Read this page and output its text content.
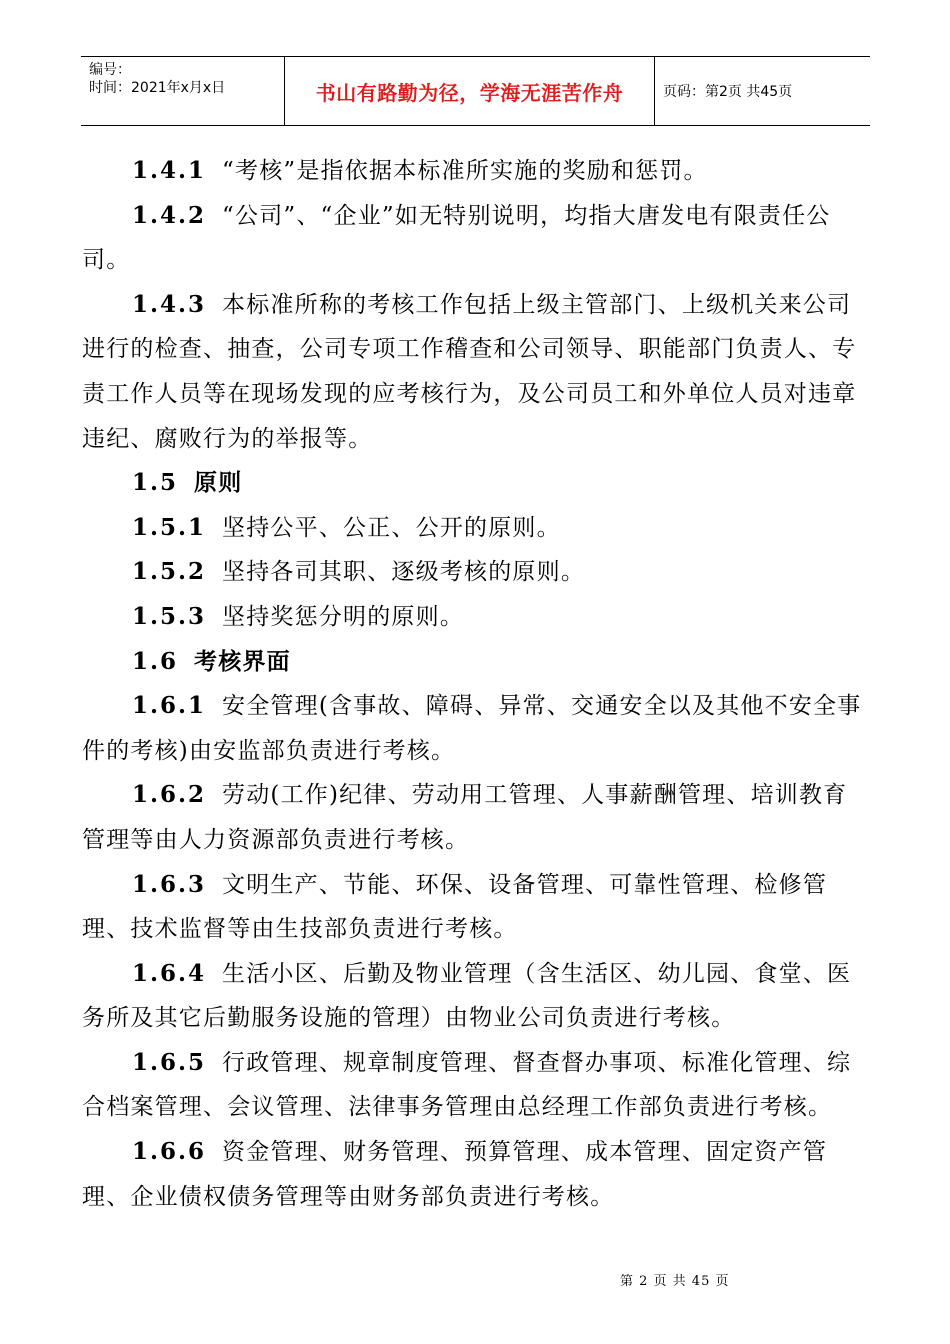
编号：
时间：2021年x月x日	书山有路勤为径，学海无涯苦作舟	页码：第2页 共45页

1.4.1 “考核”是指依据本标准所实施的奖励和惩罚。

1.4.2 “公司”、“企业”如无特别说明，均指大唐发电有限责任公司。

1.4.3 本标准所称的考核工作包括上级主管部门、上级机关来公司进行的检查、抽查，公司专项工作稽查和公司领导、职能部门负责人、专责工作人员等在现场发现的应考核行为，及公司员工和外单位人员对违章违纪、腐败行为的举报等。

1.5 原则

1.5.1 坚持公平、公正、公开的原则。

1.5.2 坚持各司其职、逐级考核的原则。

1.5.3 坚持奖惩分明的原则。

1.6 考核界面

1.6.1 安全管理(含事故、障碍、异常、交通安全以及其他不安全事件的考核)由安监部负责进行考核。

1.6.2 劳动(工作)纪律、劳动用工管理、人事薪酬管理、培训教育管理等由人力资源部负责进行考核。

1.6.3 文明生产、节能、环保、设备管理、可靠性管理、检修管理、技术监督等由生技部负责进行考核。

1.6.4 生活小区、后勤及物业管理（含生活区、幼儿园、食堂、医务所及其它后勤服务设施的管理）由物业公司负责进行考核。

1.6.5 行政管理、规章制度管理、督查督办事项、标准化管理、综合档案管理、会议管理、法律事务管理由总经理工作部负责进行考核。

1.6.6 资金管理、财务管理、预算管理、成本管理、固定资产管理、企业债权债务管理等由财务部负责进行考核。

第 2 页 共 45 页
